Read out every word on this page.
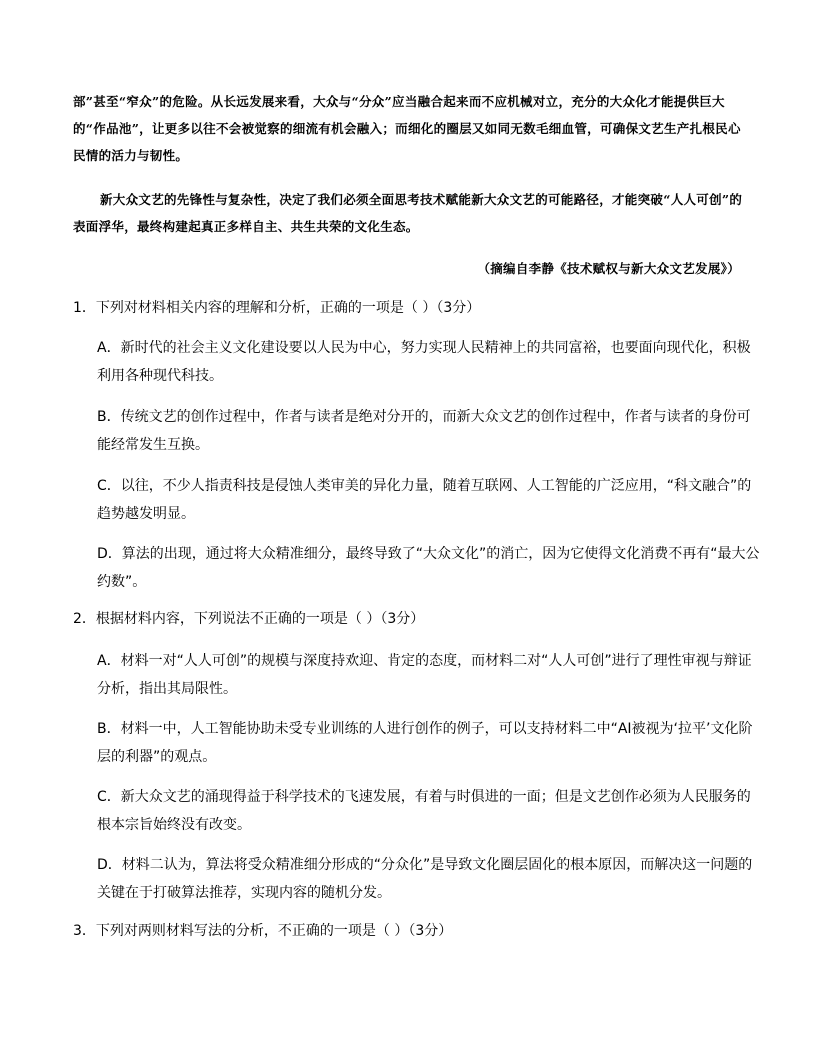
部”甚至“窄众”的危险。从长远发展来看，大众与“分众”应当融合起来而不应机械对立，充分的大众化才能提供巨大的“作品池”，让更多以往不会被觉察的细流有机会融入；而细化的圈层又如同无数毛细血管，可确保文艺生产扎根民心民情的活力与韧性。

新大众文艺的先锋性与复杂性，决定了我们必须全面思考技术赋能新大众文艺的可能路径，才能突破“人人可创”的表面浮华，最终构建起真正多样自主、共生共荣的文化生态。

（摘编自李静《技术赋权与新大众文艺发展》）

1．下列对材料相关内容的理解和分析，正确的一项是（ ）（3分）

A．新时代的社会主义文化建设要以人民为中心，努力实现人民精神上的共同富裕，也要面向现代化，积极利用各种现代科技。

B．传统文艺的创作过程中，作者与读者是绝对分开的，而新大众文艺的创作过程中，作者与读者的身份可能经常发生互换。

C．以往，不少人指责科技是侵蚀人类审美的异化力量，随着互联网、人工智能的广泛应用，“科文融合”的趋势越发明显。

D．算法的出现，通过将大众精准细分，最终导致了“大众文化”的消亡，因为它使得文化消费不再有“最大公约数”。

2．根据材料内容，下列说法不正确的一项是（ ）（3分）

A．材料一对“人人可创”的规模与深度持欢迎、肯定的态度，而材料二对“人人可创”进行了理性审视与辩证分析，指出其局限性。

B．材料一中，人工智能协助未受专业训练的人进行创作的例子，可以支持材料二中“AI被视为‘拉平’文化阶层的利器”的观点。

C．新大众文艺的涌现得益于科学技术的飞速发展，有着与时俱进的一面；但是文艺创作必须为人民服务的根本宗旨始终没有改变。

D．材料二认为，算法将受众精准细分形成的“分众化”是导致文化圈层固化的根本原因，而解决这一问题的关键在于打破算法推荐，实现内容的随机分发。

3．下列对两则材料写法的分析，不正确的一项是（ ）（3分）
